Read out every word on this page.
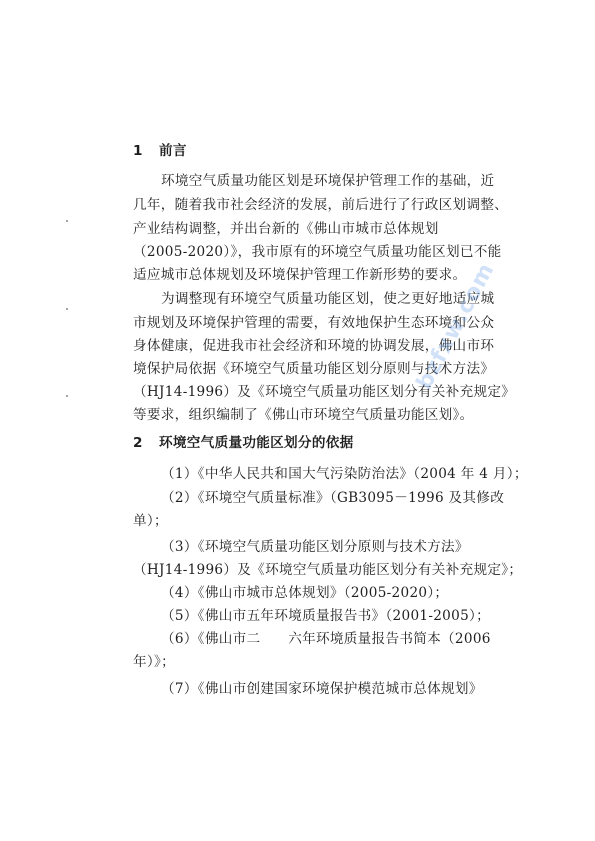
1 前言
环境空气质量功能区划是环境保护管理工作的基础，近
几年，随着我市社会经济的发展，前后进行了行政区划调整、
产业结构调整，并出台新的《佛山市城市总体规划
（2005-2020）》，我市原有的环境空气质量功能区划已不能
适应城市总体规划及环境保护管理工作新形势的要求。
为调整现有环境空气质量功能区划，使之更好地适应城
市规划及环境保护管理的需要，有效地保护生态环境和公众
身体健康，促进我市社会经济和环境的协调发展，佛山市环
境保护局依据《环境空气质量功能区划分原则与技术方法》
（HJ14-1996）及《环境空气质量功能区划分有关补充规定》
等要求，组织编制了《佛山市环境空气质量功能区划》。
2 环境空气质量功能区划分的依据
（1）《中华人民共和国大气污染防治法》（2004 年 4 月）；
（2）《环境空气质量标准》（GB3095－1996 及其修改
单）；
（3）《环境空气质量功能区划分原则与技术方法》
（HJ14-1996）及《环境空气质量功能区划分有关补充规定》；
（4）《佛山市城市总体规划》（2005-2020）；
（5）《佛山市五年环境质量报告书》（2001-2005）；
（6）《佛山市二　　六年环境质量报告书简本（2006
年）》；
（7）《佛山市创建国家环境保护模范城市总体规划》
bzfxw.com
